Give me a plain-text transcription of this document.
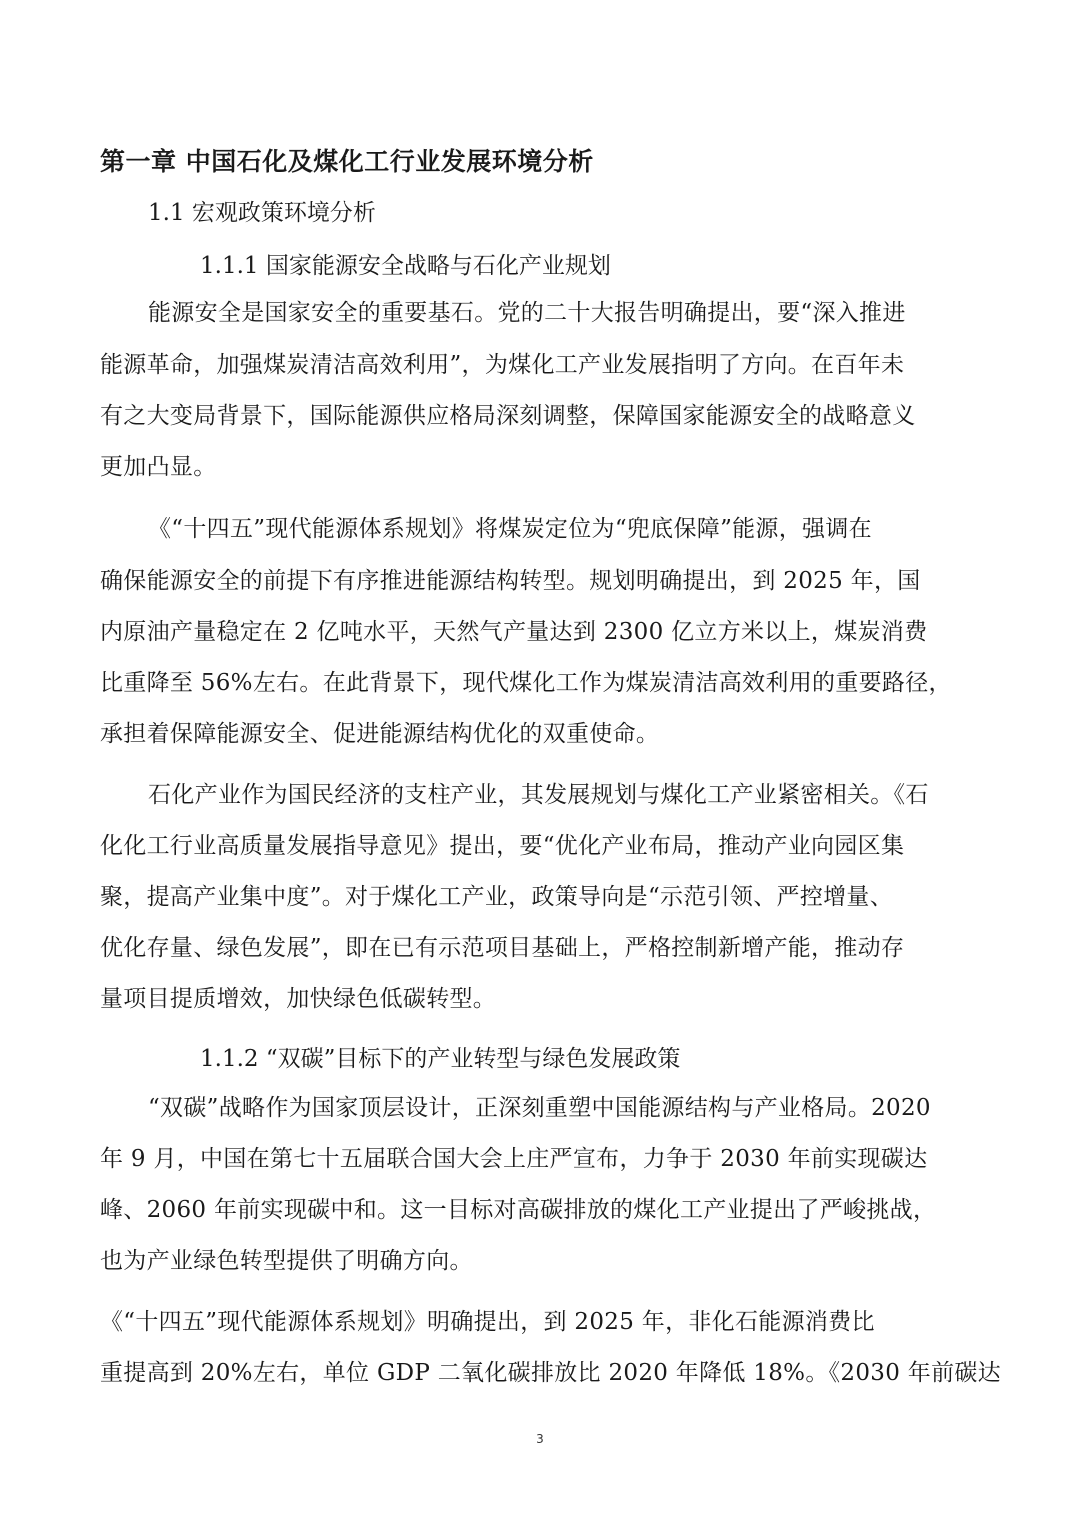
第一章 中国石化及煤化工行业发展环境分析
1.1 宏观政策环境分析
1.1.1 国家能源安全战略与石化产业规划
能源安全是国家安全的重要基石。党的二十大报告明确提出，要“深入推进
能源革命，加强煤炭清洁高效利用”，为煤化工产业发展指明了方向。在百年未
有之大变局背景下，国际能源供应格局深刻调整，保障国家能源安全的战略意义
更加凸显。
《“十四五”现代能源体系规划》将煤炭定位为“兜底保障”能源，强调在
确保能源安全的前提下有序推进能源结构转型。规划明确提出，到 2025 年，国
内原油产量稳定在 2 亿吨水平，天然气产量达到 2300 亿立方米以上，煤炭消费
比重降至 56%左右。在此背景下，现代煤化工作为煤炭清洁高效利用的重要路径，
承担着保障能源安全、促进能源结构优化的双重使命。
石化产业作为国民经济的支柱产业，其发展规划与煤化工产业紧密相关。《石
化化工行业高质量发展指导意见》提出，要“优化产业布局，推动产业向园区集
聚，提高产业集中度”。对于煤化工产业，政策导向是“示范引领、严控增量、
优化存量、绿色发展”，即在已有示范项目基础上，严格控制新增产能，推动存
量项目提质增效，加快绿色低碳转型。
1.1.2 “双碳”目标下的产业转型与绿色发展政策
“双碳”战略作为国家顶层设计，正深刻重塑中国能源结构与产业格局。2020
年 9 月，中国在第七十五届联合国大会上庄严宣布，力争于 2030 年前实现碳达
峰、2060 年前实现碳中和。这一目标对高碳排放的煤化工产业提出了严峻挑战，
也为产业绿色转型提供了明确方向。
《“十四五”现代能源体系规划》明确提出，到 2025 年，非化石能源消费比
重提高到 20%左右，单位 GDP 二氧化碳排放比 2020 年降低 18%。《2030 年前碳达
3
